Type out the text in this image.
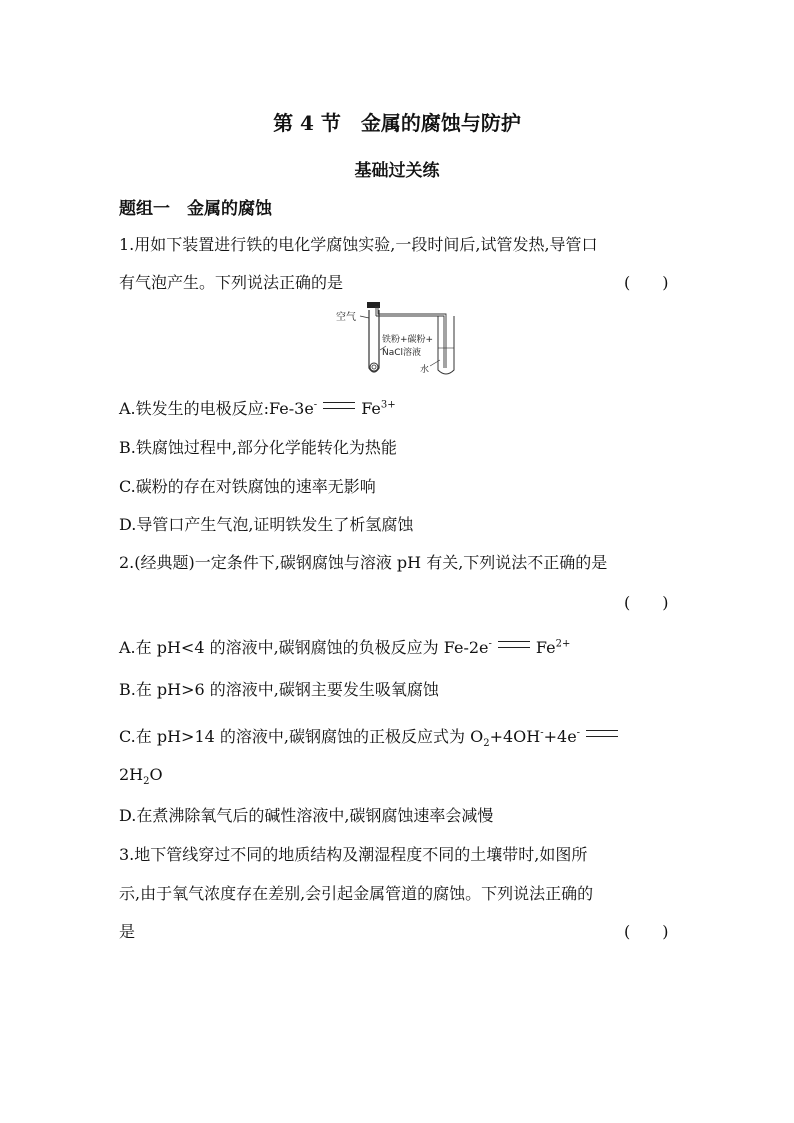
第 4 节　金属的腐蚀与防护
基础过关练
题组一　金属的腐蚀
1.用如下装置进行铁的电化学腐蚀实验,一段时间后,试管发热,导管口
有气泡产生。下列说法正确的是	(　　)
空气
铁粉+碳粉+
NaCl溶液
水
A.铁发生的电极反应:Fe-3e-	$Fe^{3+}$
B.铁腐蚀过程中,部分化学能转化为热能
C.碳粉的存在对铁腐蚀的速率无影响
D.导管口产生气泡,证明铁发生了析氢腐蚀
2.(经典题)一定条件下,碳钢腐蚀与溶液 pH 有关,下列说法不正确的是
(　　)
A.在 pH<4 的溶液中,碳钢腐蚀的负极反应为 Fe-2e-	$Fe^{2+}$
B.在 pH>6 的溶液中,碳钢主要发生吸氧腐蚀
C.在 pH>14 的溶液中,碳钢腐蚀的正极反应式为 $O_2+4OH^-+4e^-$
$2H_2O$
D.在煮沸除氧气后的碱性溶液中,碳钢腐蚀速率会减慢
3.地下管线穿过不同的地质结构及潮湿程度不同的土壤带时,如图所
示,由于氧气浓度存在差别,会引起金属管道的腐蚀。下列说法正确的
是	(　　)
